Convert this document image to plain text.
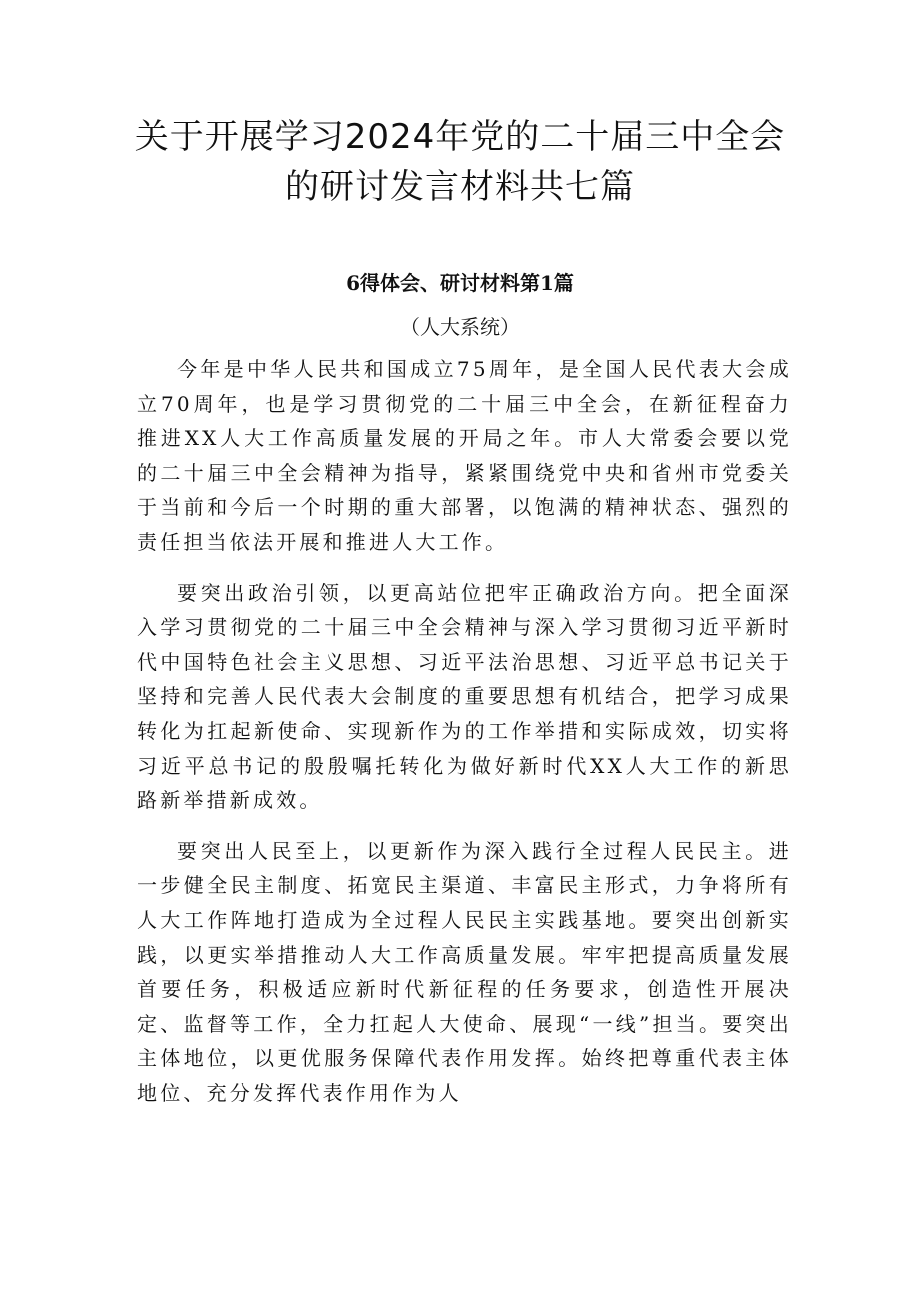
关于开展学习2024年党的二十届三中全会
的研讨发言材料共七篇

6得体会、研讨材料第1篇

（人大系统）

今年是中华人民共和国成立75周年，是全国人民代表大会成立70周年，也是学习贯彻党的二十届三中全会，在新征程奋力推进XX人大工作高质量发展的开局之年。市人大常委会要以党的二十届三中全会精神为指导，紧紧围绕党中央和省州市党委关于当前和今后一个时期的重大部署，以饱满的精神状态、强烈的责任担当依法开展和推进人大工作。

要突出政治引领，以更高站位把牢正确政治方向。把全面深入学习贯彻党的二十届三中全会精神与深入学习贯彻习近平新时代中国特色社会主义思想、习近平法治思想、习近平总书记关于坚持和完善人民代表大会制度的重要思想有机结合，把学习成果转化为扛起新使命、实现新作为的工作举措和实际成效，切实将习近平总书记的殷殷嘱托转化为做好新时代XX人大工作的新思路新举措新成效。

要突出人民至上，以更新作为深入践行全过程人民民主。进一步健全民主制度、拓宽民主渠道、丰富民主形式，力争将所有人大工作阵地打造成为全过程人民民主实践基地。要突出创新实践，以更实举措推动人大工作高质量发展。牢牢把提高质量发展首要任务，积极适应新时代新征程的任务要求，创造性开展决定、监督等工作，全力扛起人大使命、展现“一线”担当。要突出主体地位，以更优服务保障代表作用发挥。始终把尊重代表主体地位、充分发挥代表作用作为人
